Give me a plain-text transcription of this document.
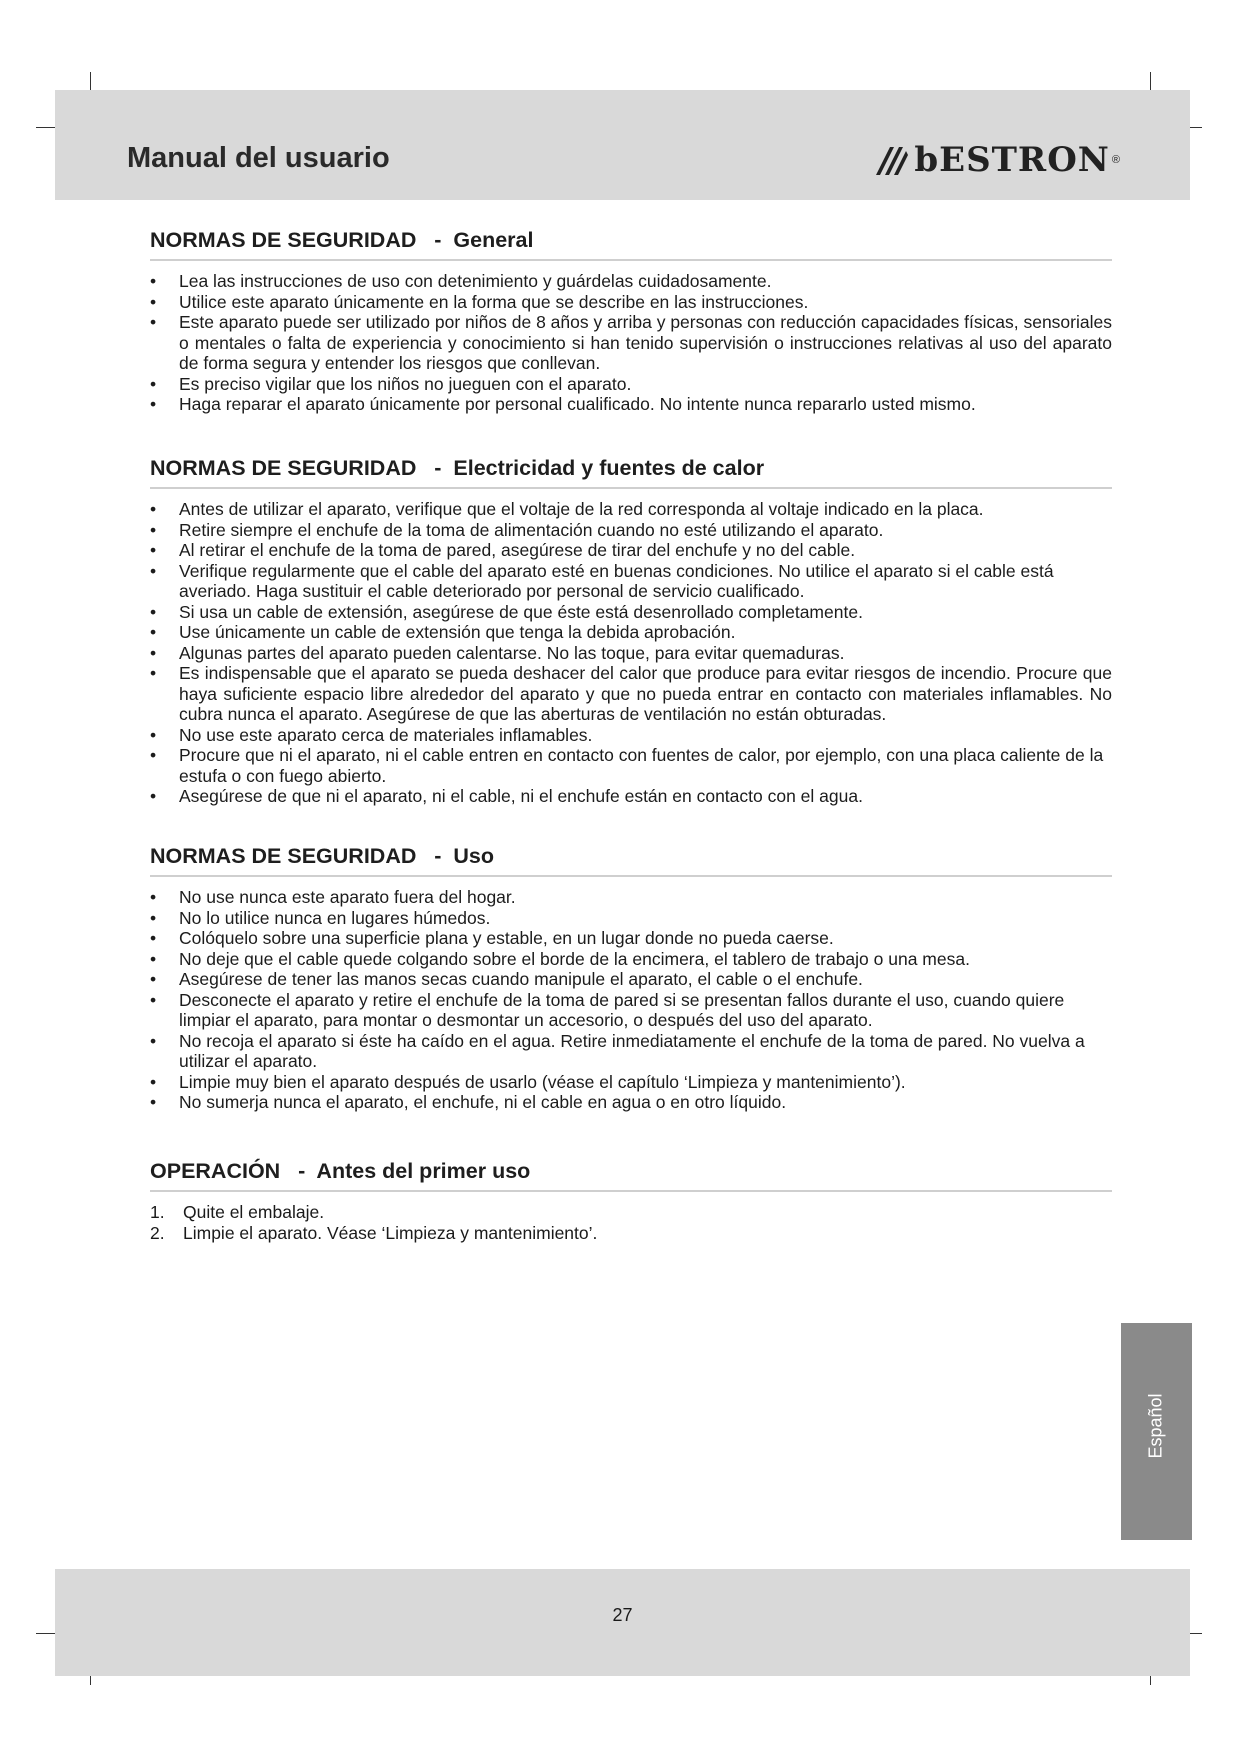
Manual del usuario	bESTRON ®
NORMAS DE SEGURIDAD   -  General
• Lea las instrucciones de uso con detenimiento y guárdelas cuidadosamente.
• Utilice este aparato únicamente en la forma que se describe en las instrucciones.
• Este aparato puede ser utilizado por niños de 8 años y arriba y personas con reducción capacidades físicas, sensoriales o mentales o falta de experiencia y conocimiento si han tenido supervisión o instrucciones relativas al uso del aparato de forma segura y entender los riesgos que conllevan.
• Es preciso vigilar que los niños no jueguen con el aparato.
• Haga reparar el aparato únicamente por personal cualificado. No intente nunca repararlo usted mismo.
NORMAS DE SEGURIDAD   -  Electricidad y fuentes de calor
• Antes de utilizar el aparato, verifique que el voltaje de la red corresponda al voltaje indicado en la placa.
• Retire siempre el enchufe de la toma de alimentación cuando no esté utilizando el aparato.
• Al retirar el enchufe de la toma de pared, asegúrese de tirar del enchufe y no del cable.
• Verifique regularmente que el cable del aparato esté en buenas condiciones. No utilice el aparato si el cable está averiado. Haga sustituir el cable deteriorado por personal de servicio cualificado.
• Si usa un cable de extensión, asegúrese de que éste está desenrollado completamente.
• Use únicamente un cable de extensión que tenga la debida aprobación.
• Algunas partes del aparato pueden calentarse. No las toque, para evitar quemaduras.
• Es indispensable que el aparato se pueda deshacer del calor que produce para evitar riesgos de incendio. Procure que haya suficiente espacio libre alrededor del aparato y que no pueda entrar en contacto con materiales inflamables. No cubra nunca el aparato. Asegúrese de que las aberturas de ventilación no están obturadas.
• No use este aparato cerca de materiales inflamables.
• Procure que ni el aparato, ni el cable entren en contacto con fuentes de calor, por ejemplo, con una placa caliente de la estufa o con fuego abierto.
• Asegúrese de que ni el aparato, ni el cable, ni el enchufe están en contacto con el agua.
NORMAS DE SEGURIDAD   -  Uso
• No use nunca este aparato fuera del hogar.
• No lo utilice nunca en lugares húmedos.
• Colóquelo sobre una superficie plana y estable, en un lugar donde no pueda caerse.
• No deje que el cable quede colgando sobre el borde de la encimera, el tablero de trabajo o una mesa.
• Asegúrese de tener las manos secas cuando manipule el aparato, el cable o el enchufe.
• Desconecte el aparato y retire el enchufe de la toma de pared si se presentan fallos durante el uso, cuando quiere limpiar el aparato, para montar o desmontar un accesorio, o después del uso del aparato.
• No recoja el aparato si éste ha caído en el agua. Retire inmediatamente el enchufe de la toma de pared. No vuelva a utilizar el aparato.
• Limpie muy bien el aparato después de usarlo (véase el capítulo ‘Limpieza y mantenimiento’).
• No sumerja nunca el aparato, el enchufe, ni el cable en agua o en otro líquido.
OPERACIÓN   -  Antes del primer uso
1.	Quite el embalaje.
2.	Limpie el aparato. Véase ‘Limpieza y mantenimiento’.
Español
27
